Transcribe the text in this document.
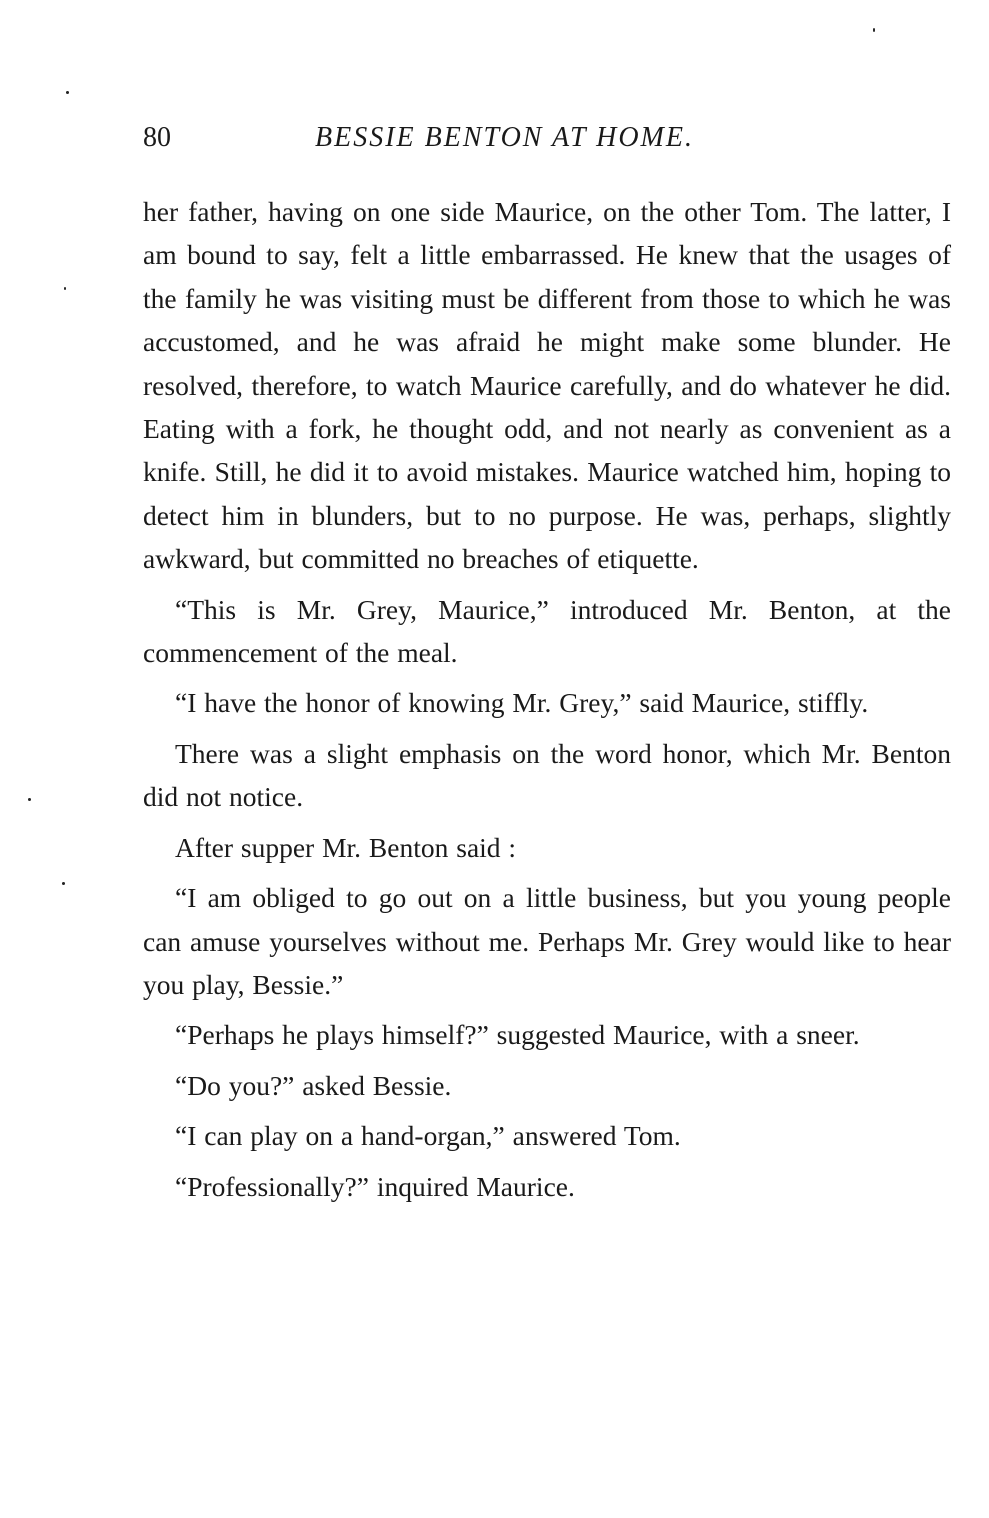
80	BESSIE BENTON AT HOME.

her father, having on one side Maurice, on the other Tom. The latter, I am bound to say, felt a little embarrassed. He knew that the usages of the family he was visiting must be different from those to which he was accustomed, and he was afraid he might make some blunder. He resolved, therefore, to watch Maurice carefully, and do whatever he did. Eating with a fork, he thought odd, and not nearly as convenient as a knife. Still, he did it to avoid mistakes. Maurice watched him, hoping to detect him in blunders, but to no purpose. He was, perhaps, slightly awkward, but committed no breaches of etiquette.

“This is Mr. Grey, Maurice,” introduced Mr. Benton, at the commencement of the meal.

“I have the honor of knowing Mr. Grey,” said Maurice, stiffly.

There was a slight emphasis on the word honor, which Mr. Benton did not notice.

After supper Mr. Benton said :

“I am obliged to go out on a little business, but you young people can amuse yourselves without me. Perhaps Mr. Grey would like to hear you play, Bessie.”

“Perhaps he plays himself?” suggested Maurice, with a sneer.

“Do you?” asked Bessie.

“I can play on a hand-organ,” answered Tom.

“Professionally?” inquired Maurice.
